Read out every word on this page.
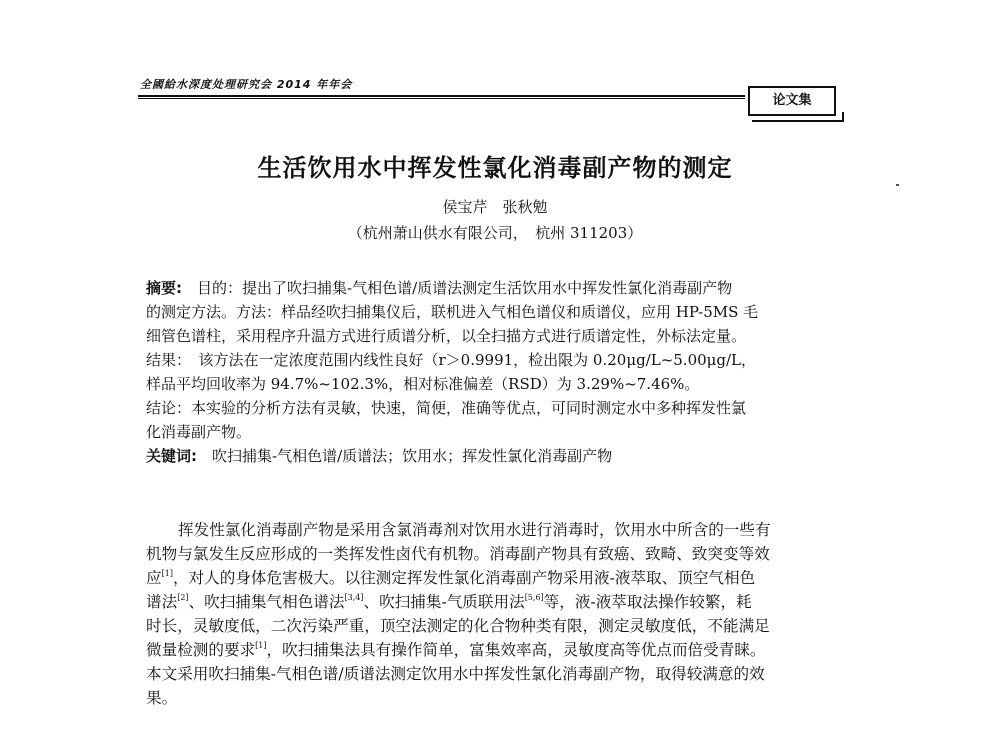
全國給水深度处理研究会 2014 年年会
论文集
生活饮用水中挥发性氯化消毒副产物的测定
侯宝芹　张秋勉
（杭州萧山供水有限公司，　杭州 311203）
摘要:　目的：提出了吹扫捕集-气相色谱/质谱法测定生活饮用水中挥发性氯化消毒副产物
的测定方法。方法：样品经吹扫捕集仪后，联机进入气相色谱仪和质谱仪，应用 HP-5MS 毛
细管色谱柱，采用程序升温方式进行质谱分析，以全扫描方式进行质谱定性，外标法定量。
结果：　该方法在一定浓度范围内线性良好（r＞0.9991，检出限为 0.20μg/L~5.00μg/L，
样品平均回收率为 94.7%~102.3%，相对标准偏差（RSD）为 3.29%~7.46%。
结论：本实验的分析方法有灵敏，快速，简便，准确等优点，可同时测定水中多种挥发性氯
化消毒副产物。
关键词:　吹扫捕集-气相色谱/质谱法；饮用水；挥发性氯化消毒副产物
挥发性氯化消毒副产物是采用含氯消毒剂对饮用水进行消毒时，饮用水中所含的一些有
机物与氯发生反应形成的一类挥发性卤代有机物。消毒副产物具有致癌、致畸、致突变等效
应[1]，对人的身体危害极大。以往测定挥发性氯化消毒副产物采用液-液萃取、顶空气相色
谱法[2]、吹扫捕集气相色谱法[3,4]、吹扫捕集-气质联用法[5,6]等，液-液萃取法操作较繁，耗
时长，灵敏度低，二次污染严重，顶空法测定的化合物种类有限，测定灵敏度低，不能满足
微量检测的要求[1]，吹扫捕集法具有操作简单，富集效率高，灵敏度高等优点而倍受青睐。
本文采用吹扫捕集-气相色谱/质谱法测定饮用水中挥发性氯化消毒副产物，取得较满意的效
果。
